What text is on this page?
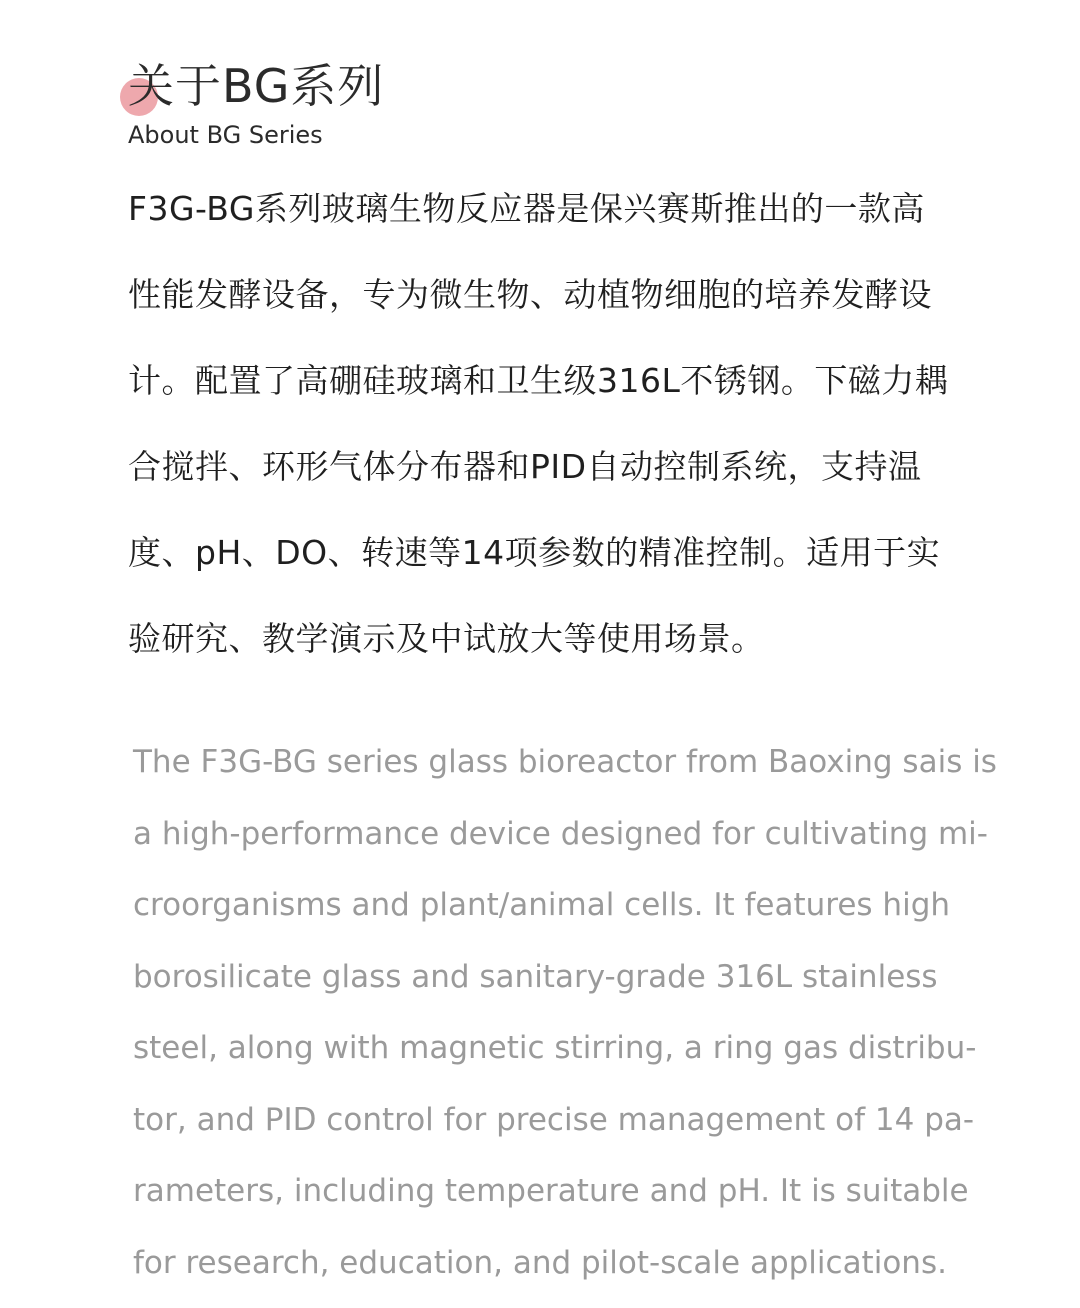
关于BG系列

About BG Series

F3G-BG系列玻璃生物反应器是保兴赛斯推出的一款高
性能发酵设备，专为微生物、动植物细胞的培养发酵设
计。配置了高硼硅玻璃和卫生级316L不锈钢。下磁力耦
合搅拌、环形气体分布器和PID自动控制系统，支持温
度、pH、DO、转速等14项参数的精准控制。适用于实
验研究、教学演示及中试放大等使用场景。
The F3G-BG series glass bioreactor from Baoxing sais is
a high-performance device designed for cultivating mi-
croorganisms and plant/animal cells. It features high
borosilicate glass and sanitary-grade 316L stainless
steel, along with magnetic stirring, a ring gas distribu-
tor, and PID control for precise management of 14 pa-
rameters, including temperature and pH. It is suitable
for research, education, and pilot-scale applications.
